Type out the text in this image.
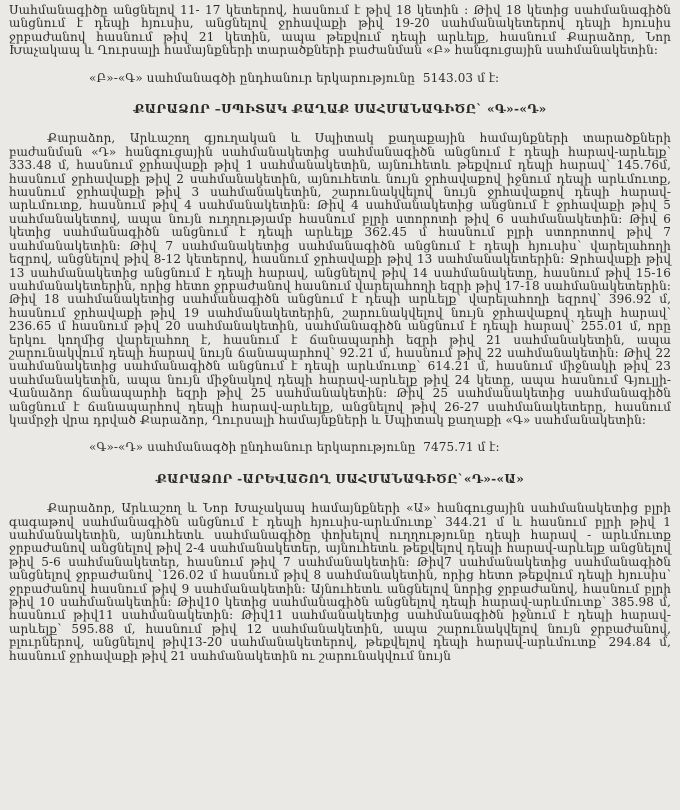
Սահմանագիծը անցնելով 11- 17 կետերով, հասնում է թիվ 18 կետին : Թիվ 18 կետից սահմանագիծն անցնում է դեպի հյուսիս, անցնելով ջրհավաքի թիվ 19-20 սահմանակետերով դեպի հյուսիս ջրբաժանով հասնում թիվ 21 կետին, ապա թեքվում դեպի արևելք, հասնում Քարաձոր, Նոր Խաչակապ և Ղուրսալի համայնքների տարածքների բաժանման «Բ» հանգուցային սահմանակետին:

«Բ»-«Գ» սահմանագծի ընդհանուր երկարությունը  5143.03 մ է:

ՔԱՐԱՁՈՐ –ՍՊԻՏԱԿ ՔԱՂԱՔ ՍԱՀՄԱՆԱԳԻԾԸ` «Գ»-«Դ»

Քարաձոր, Արևաշող գյուղական և Սպիտակ քաղաքային համայնքների տարածքների բաժանման «Դ» հանգուցային սահմանակետից սահմանագիծն անցնում է դեպի հարավ-արևելք՝ 333.48 մ, հասնում ջրհավաքի թիվ 1 սահմանակետին, այնուհետև թեքվում դեպի հարավ՝ 145.76մ, հասնում ջրհավաքի թիվ 2 սահմանակետին, այնուհետև նույն ջրհավաքով իջնում դեպի արևմուտք, հասնում ջրհավաքի թիվ 3 սահմանակետին, շարունակվելով նույն ջրհավաքով դեպի հարավ-արևմուտք, հասնում թիվ 4 սահմանակետին: Թիվ 4 սահմանակետից անցնում է ջրհավաքի թիվ 5 սահմանակետով, ապա նույն ուղղությամբ հասնում բլրի ստորոտի թիվ 6 սահմանակետին: Թիվ 6 կետից սահմանագիծն անցնում է դեպի արևելք 362.45 մ հասնում բլրի ստորոտով թիվ 7 սահմանակետին: Թիվ 7 սահմանակետից սահմանագիծն անցնում է դեպի հյուսիս՝ վարելահողի եզրով, անցնելով թիվ 8-12 կետերով, հասնում ջրհավաքի թիվ 13 սահմանակետերին: Ջրհավաքի թիվ 13 սահմանակետից անցնում է դեպի հարավ, անցնելով թիվ 14 սահմանակետը, հասնում թիվ 15-16 սահմանակետերին, որից հետո ջրբաժանով հասնում վարելահողի եզրի թիվ 17-18 սահմանակետերին: Թիվ 18 սահմանակետից սահմանագիծն անցնում է դեպի արևելք՝ վարելահողի եզրով՝ 396.92 մ, հասնում ջրհավաքի թիվ 19 սահմանակետերին, շարունակվելով նույն ջրհավաքով դեպի հարավ՝ 236.65 մ հասնում թիվ 20 սահմանակետին, սահմանագիծն անցնում է դեպի հարավ՝ 255.01 մ, որը երկու կողմից վարելահող է, հասնում է ճանապարհի եզրի թիվ 21 սահմանակետին, ապա շարունակվում դեպի հարավ նույն ճանապարհով՝ 92.21 մ, հասնում թիվ 22 սահմանակետին: Թիվ 22 սահմանակետից սահմանագիծն անցնում է դեպի արևմուտք՝ 614.21 մ, հասնում միջնակի թիվ 23 սահմանակետին, ապա նույն միջնակով դեպի հարավ-արևելք թիվ 24 կետը, ապա հասնում Գյուլլի-Վանաձոր ճանապարհի եզրի թիվ 25 սահմանակետին: Թիվ 25 սահմանակետից սահմանագիծն անցնում է ճանապարհով դեպի հարավ-արևելք, անցնելով թիվ 26-27 սահմանակետերը, հասնում կամրջի վրա դրված Քարաձոր, Ղուրսալի համայնքների և Սպիտակ քաղաքի «Գ» սահմանակետին:

«Գ»-«Դ» սահմանագծի ընդհանուր երկարությունը  7475.71 մ է:

ՔԱՐԱՁՈՐ -ԱՐԵՎԱՇՈՂ ՍԱՀՄԱՆԱԳԻԾԸ`«Դ»-«Ա»

Քարաձոր, Արևաշող և Նոր Խաչակապ համայնքների «Ա» հանգուցային սահմանակետից բլրի գագաթով սահմանագիծն անցնում է դեպի հյուսիս-արևմուտք՝ 344.21 մ և հասնում բլրի թիվ 1 սահմանակետին, այնուհետև սահմանագիծը փոխելով ուղղությունը դեպի հարավ - արևմուտք ջրբաժանով անցնելով թիվ 2-4 սահմանակետեր, այնուհետև թեքվելով դեպի հարավ-արևելք անցնելով թիվ 5-6 սահմանակետեր, հասնում թիվ 7 սահմանակետին: Թիվ7 սահմանակետից սահմանագիծն անցնելով ջրբաժանով ՝126.02 մ հասնում թիվ 8 սահմանակետին, որից հետո թեքվում դեպի հյուսիս՝ ջրբաժանով հասնում թիվ 9 սահմանակետին: Այնուհետև անցնելով նորից ջրբաժանով, հասնում բլրի թիվ 10 սահմանակետին: Թիվ10 կետից սահմանագիծն անցնելով դեպի հարավ-արևմուտք՝ 385.98 մ, հասնում թիվ11 սահմանակետին: Թիվ11 սահմանակետից սահմանագիծն իջնում է դեպի հարավ-արևելք՝ 595.88 մ, հասնում թիվ 12 սահմանակետին, ապա շարունակվելով նույն ջրբաժանով, բլուրներով, անցնելով թիվ13-20 սահմանակետերով, թեքվելով դեպի հարավ-արևմուտք՝ 294.84 մ, հասնում ջրհավաքի թիվ 21 սահմանակետին ու շարունակվում նույն
